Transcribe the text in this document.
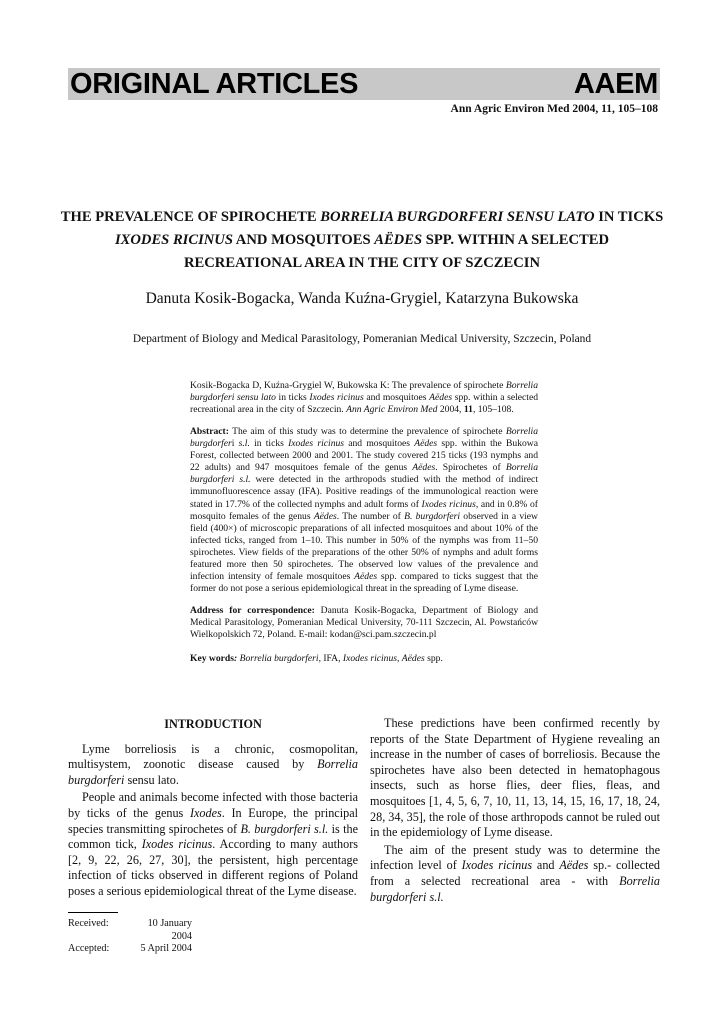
ORIGINAL ARTICLES	AAEM
Ann Agric Environ Med 2004, 11, 105–108
THE PREVALENCE OF SPIROCHETE BORRELIA BURGDORFERI SENSU LATO IN TICKS IXODES RICINUS AND MOSQUITOES AËDES SPP. WITHIN A SELECTED RECREATIONAL AREA IN THE CITY OF SZCZECIN
Danuta Kosik-Bogacka, Wanda Kuźna-Grygiel, Katarzyna Bukowska
Department of Biology and Medical Parasitology, Pomeranian Medical University, Szczecin, Poland
Kosik-Bogacka D, Kuźna-Grygiel W, Bukowska K: The prevalence of spirochete Borrelia burgdorferi sensu lato in ticks Ixodes ricinus and mosquitoes Aëdes spp. within a selected recreational area in the city of Szczecin. Ann Agric Environ Med 2004, 11, 105–108.
Abstract: The aim of this study was to determine the prevalence of spirochete Borrelia burgdorferi s.l. in ticks Ixodes ricinus and mosquitoes Aëdes spp. within the Bukowa Forest, collected between 2000 and 2001. The study covered 215 ticks (193 nymphs and 22 adults) and 947 mosquitoes female of the genus Aëdes. Spirochetes of Borrelia burgdorferi s.l. were detected in the arthropods studied with the method of indirect immunofluorescence assay (IFA). Positive readings of the immunological reaction were stated in 17.7% of the collected nymphs and adult forms of Ixodes ricinus, and in 0.8% of mosquito females of the genus Aëdes. The number of B. burgdorferi observed in a view field (400×) of microscopic preparations of all infected mosquitoes and about 10% of the infected ticks, ranged from 1–10. This number in 50% of the nymphs was from 11–50 spirochetes. View fields of the preparations of the other 50% of nymphs and adult forms featured more then 50 spirochetes. The observed low values of the prevalence and infection intensity of female mosquitoes Aëdes spp. compared to ticks suggest that the former do not pose a serious epidemiological threat in the spreading of Lyme disease.
Address for correspondence: Danuta Kosik-Bogacka, Department of Biology and Medical Parasitology, Pomeranian Medical University, 70-111 Szczecin, Al. Powstańców Wielkopolskich 72, Poland. E-mail: kodan@sci.pam.szczecin.pl
Key words: Borrelia burgdorferi, IFA, Ixodes ricinus, Aëdes spp.
INTRODUCTION

Lyme borreliosis is a chronic, cosmopolitan, multisystem, zoonotic disease caused by Borrelia burgdorferi sensu lato.

People and animals become infected with those bacteria by ticks of the genus Ixodes. In Europe, the principal species transmitting spirochetes of B. burgdorferi s.l. is the common tick, Ixodes ricinus. According to many authors [2, 9, 22, 26, 27, 30], the persistent, high percentage infection of ticks observed in different regions of Poland poses a serious epidemiological threat of the Lyme disease.

These predictions have been confirmed recently by reports of the State Department of Hygiene revealing an increase in the number of cases of borreliosis. Because the spirochetes have also been detected in hematophagous insects, such as horse flies, deer flies, fleas, and mosquitoes [1, 4, 5, 6, 7, 10, 11, 13, 14, 15, 16, 17, 18, 24, 28, 34, 35], the role of those arthropods cannot be ruled out in the epidemiology of Lyme disease.

The aim of the present study was to determine the infection level of Ixodes ricinus and Aëdes sp.- collected from a selected recreational area - with Borrelia burgdorferi s.l.

Received:	10 January 2004
Accepted:	5 April 2004
